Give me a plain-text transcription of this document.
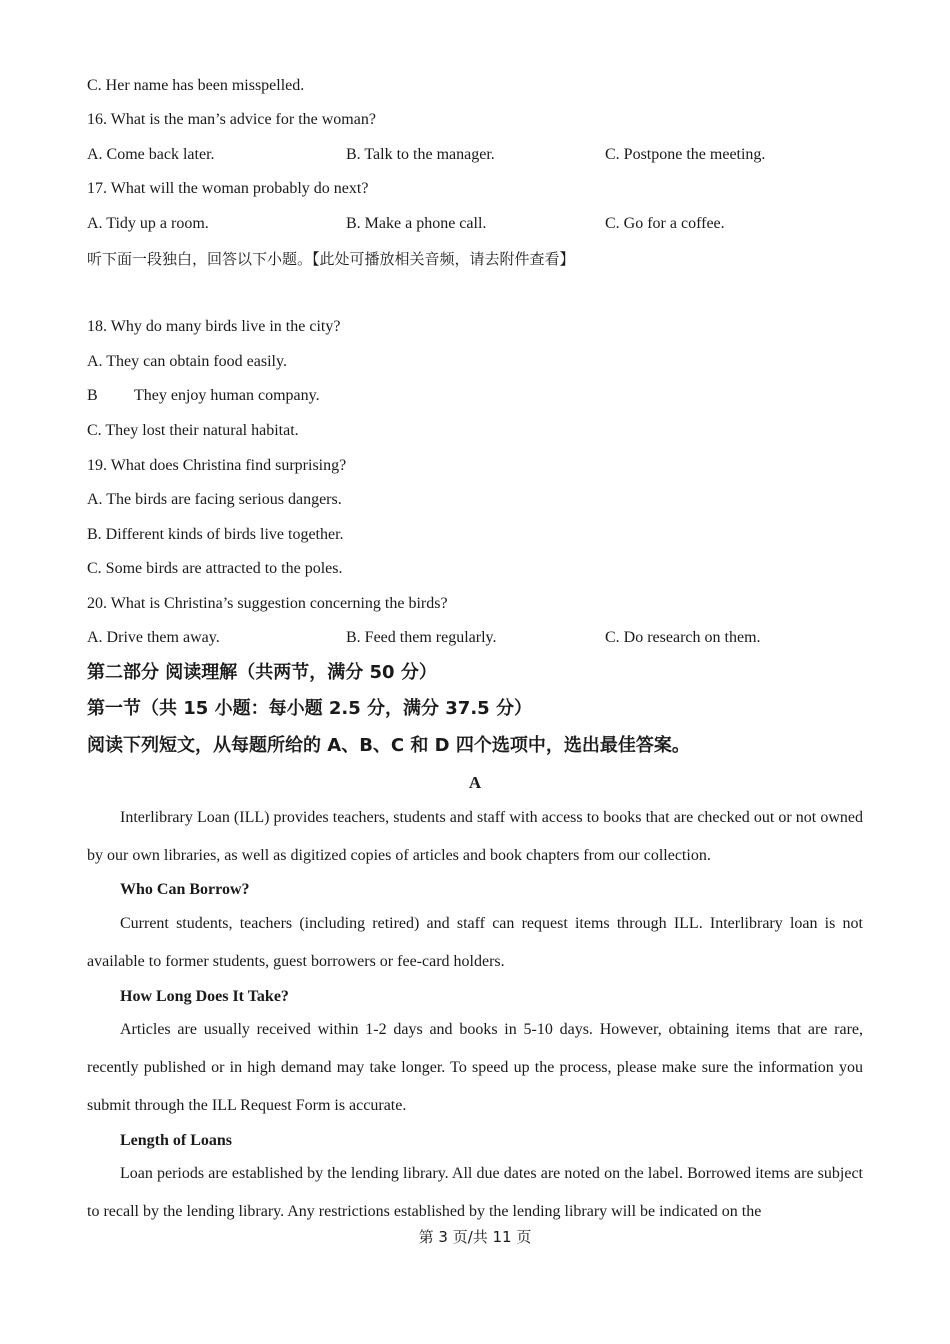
C. Her name has been misspelled.
16. What is the man’s advice for the woman?
A. Come back later.	B. Talk to the manager.	C. Postpone the meeting.
17. What will the woman probably do next?
A. Tidy up a room.	B. Make a phone call.	C. Go for a coffee.
听下面一段独白，回答以下小题。【此处可播放相关音频，请去附件查看】
18. Why do many birds live in the city?
A. They can obtain food easily.
B They enjoy human company.
C. They lost their natural habitat.
19. What does Christina find surprising?
A. The birds are facing serious dangers.
B. Different kinds of birds live together.
C. Some birds are attracted to the poles.
20. What is Christina’s suggestion concerning the birds?
A. Drive them away.	B. Feed them regularly.	C. Do research on them.
第二部分 阅读理解（共两节，满分 50 分）
第一节（共 15 小题：每小题 2.5 分，满分 37.5 分）
阅读下列短文，从每题所给的 A、B、C 和 D 四个选项中，选出最佳答案。
A
Interlibrary Loan (ILL) provides teachers, students and staff with access to books that are checked out or not owned by our own libraries, as well as digitized copies of articles and book chapters from our collection.
Who Can Borrow?
Current students, teachers (including retired) and staff can request items through ILL. Interlibrary loan is not available to former students, guest borrowers or fee-card holders.
How Long Does It Take?
Articles are usually received within 1-2 days and books in 5-10 days. However, obtaining items that are rare, recently published or in high demand may take longer. To speed up the process, please make sure the information you submit through the ILL Request Form is accurate.
Length of Loans
Loan periods are established by the lending library. All due dates are noted on the label. Borrowed items are subject to recall by the lending library. Any restrictions established by the lending library will be indicated on the
第 3 页/共 11 页
